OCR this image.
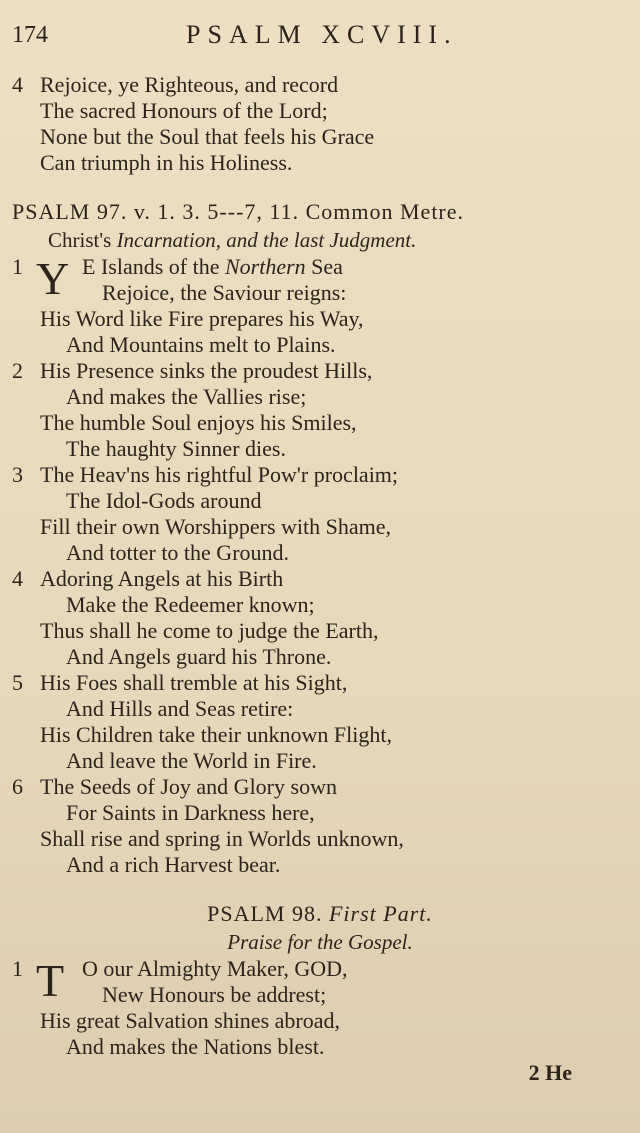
174	PSALM XCVIII.
4 Rejoice, ye Righteous, and record
The sacred Honours of the Lord;
None but the Soul that feels his Grace
Can triumph in his Holiness.
PSALM 97. v. 1. 3. 5---7, 11. Common Metre.
Christ's Incarnation, and the last Judgment.
1 Y E Islands of the Northern Sea
Rejoice, the Saviour reigns:
His Word like Fire prepares his Way,
And Mountains melt to Plains.
2 His Presence sinks the proudest Hills,
And makes the Vallies rise;
The humble Soul enjoys his Smiles,
The haughty Sinner dies.
3 The Heav'ns his rightful Pow'r proclaim;
The Idol-Gods around
Fill their own Worshippers with Shame,
And totter to the Ground.
4 Adoring Angels at his Birth
Make the Redeemer known;
Thus shall he come to judge the Earth,
And Angels guard his Throne.
5 His Foes shall tremble at his Sight,
And Hills and Seas retire:
His Children take their unknown Flight,
And leave the World in Fire.
6 The Seeds of Joy and Glory sown
For Saints in Darkness here,
Shall rise and spring in Worlds unknown,
And a rich Harvest bear.
PSALM 98. First Part.
Praise for the Gospel.
1 T O our Almighty Maker, GOD,
New Honours be addrest;
His great Salvation shines abroad,
And makes the Nations blest.
2 He
